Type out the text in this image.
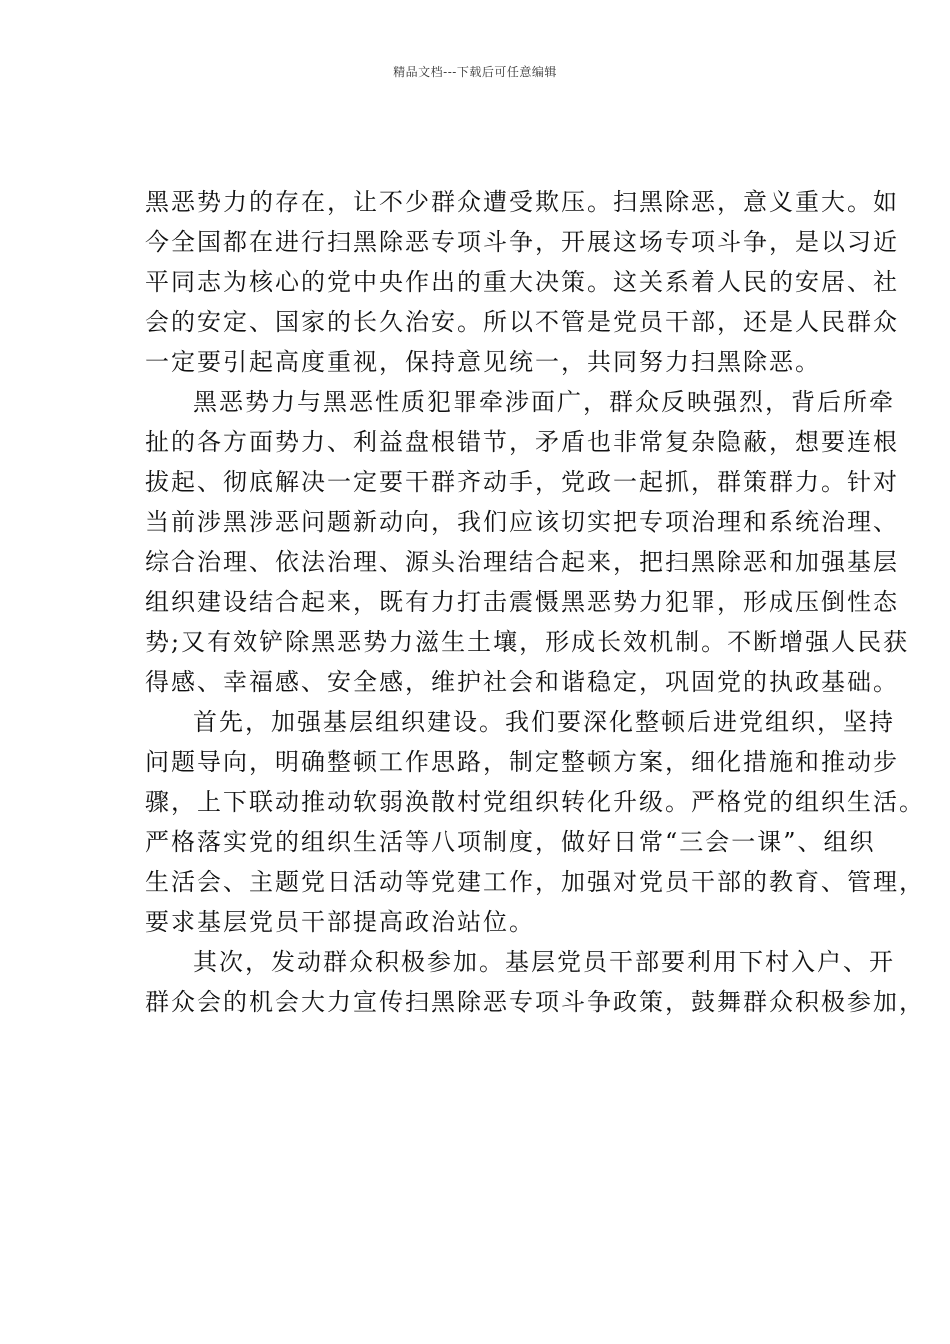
精品文档---下载后可任意编辑

黑恶势力的存在，让不少群众遭受欺压。扫黑除恶，意义重大。如
今全国都在进行扫黑除恶专项斗争，开展这场专项斗争，是以习近
平同志为核心的党中央作出的重大决策。这关系着人民的安居、社
会的安定、国家的长久治安。所以不管是党员干部，还是人民群众
一定要引起高度重视，保持意见统一，共同努力扫黑除恶。

黑恶势力与黑恶性质犯罪牵涉面广，群众反映强烈，背后所牵
扯的各方面势力、利益盘根错节，矛盾也非常复杂隐蔽，想要连根
拔起、彻底解决一定要干群齐动手，党政一起抓，群策群力。针对
当前涉黑涉恶问题新动向，我们应该切实把专项治理和系统治理、
综合治理、依法治理、源头治理结合起来，把扫黑除恶和加强基层
组织建设结合起来，既有力打击震慑黑恶势力犯罪，形成压倒性态
势;又有效铲除黑恶势力滋生土壤，形成长效机制。不断增强人民获
得感、幸福感、安全感，维护社会和谐稳定，巩固党的执政基础。

首先，加强基层组织建设。我们要深化整顿后进党组织，坚持
问题导向，明确整顿工作思路，制定整顿方案，细化措施和推动步
骤，上下联动推动软弱涣散村党组织转化升级。严格党的组织生活。
严格落实党的组织生活等八项制度，做好日常“三会一课”、组织
生活会、主题党日活动等党建工作，加强对党员干部的教育、管理，
要求基层党员干部提高政治站位。

其次，发动群众积极参加。基层党员干部要利用下村入户、开
群众会的机会大力宣传扫黑除恶专项斗争政策，鼓舞群众积极参加，
